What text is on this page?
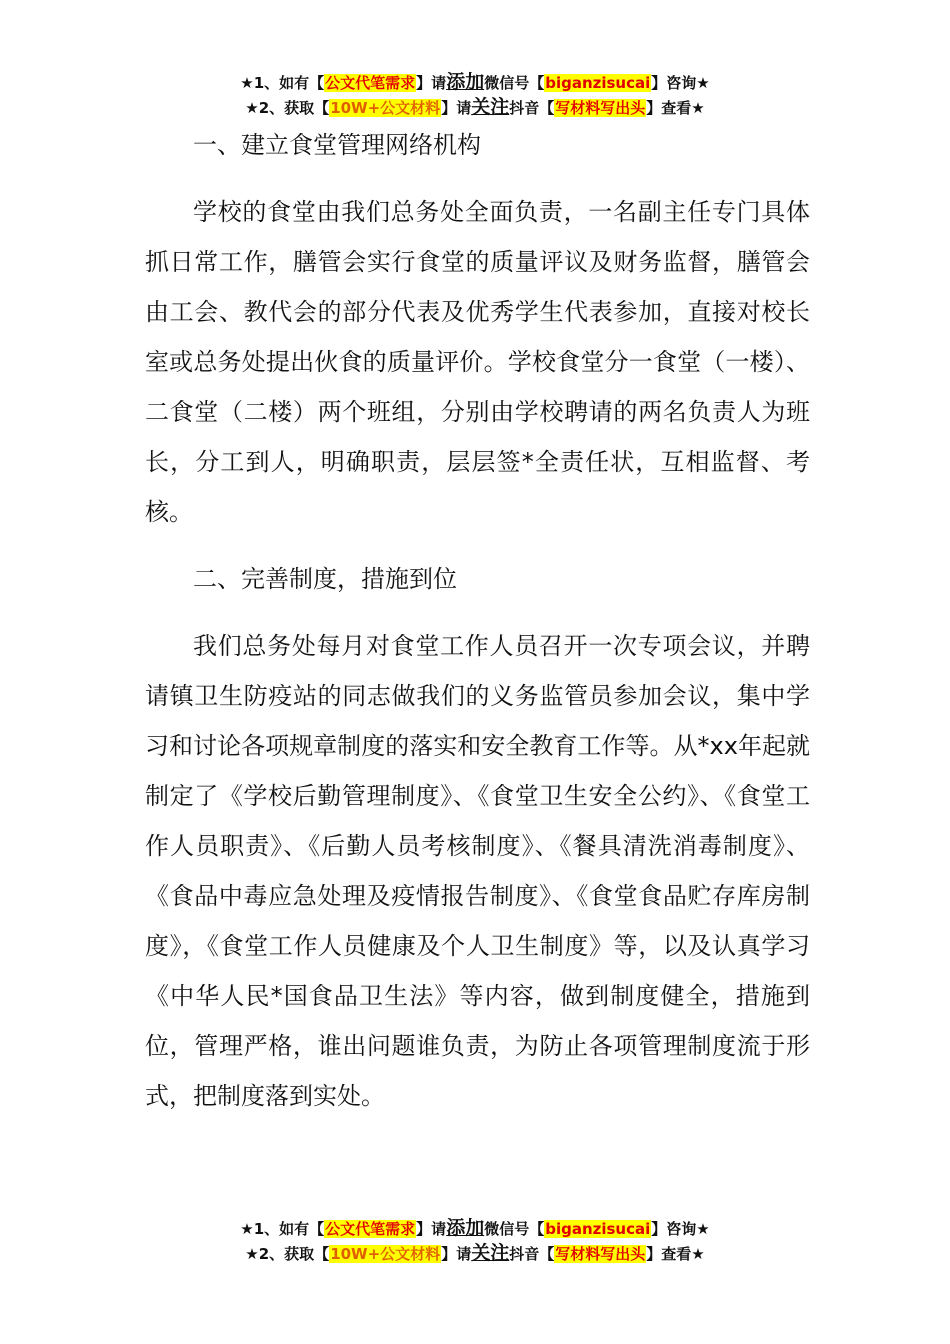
★1、如有【公文代笔需求】请添加微信号【biganzisucai】咨询★
★2、获取【10W+公文材料】请关注抖音【写材料写出头】查看★
一、建立食堂管理网络机构

学校的食堂由我们总务处全面负责，一名副主任专门具体抓日常工作，膳管会实行食堂的质量评议及财务监督，膳管会由工会、教代会的部分代表及优秀学生代表参加，直接对校长室或总务处提出伙食的质量评价。学校食堂分一食堂（一楼）、二食堂（二楼）两个班组，分别由学校聘请的两名负责人为班长，分工到人，明确职责，层层签*全责任状，互相监督、考核。

二、完善制度，措施到位

我们总务处每月对食堂工作人员召开一次专项会议，并聘请镇卫生防疫站的同志做我们的义务监管员参加会议，集中学习和讨论各项规章制度的落实和安全教育工作等。从*xx年起就制定了《学校后勤管理制度》、《食堂卫生安全公约》、《食堂工作人员职责》、《后勤人员考核制度》、《餐具清洗消毒制度》、《食品中毒应急处理及疫情报告制度》、《食堂食品贮存库房制度》，《食堂工作人员健康及个人卫生制度》等，以及认真学习《中华人民*国食品卫生法》等内容，做到制度健全，措施到位，管理严格，谁出问题谁负责，为防止各项管理制度流于形式，把制度落到实处。

★1、如有【公文代笔需求】请添加微信号【biganzisucai】咨询★
★2、获取【10W+公文材料】请关注抖音【写材料写出头】查看★
